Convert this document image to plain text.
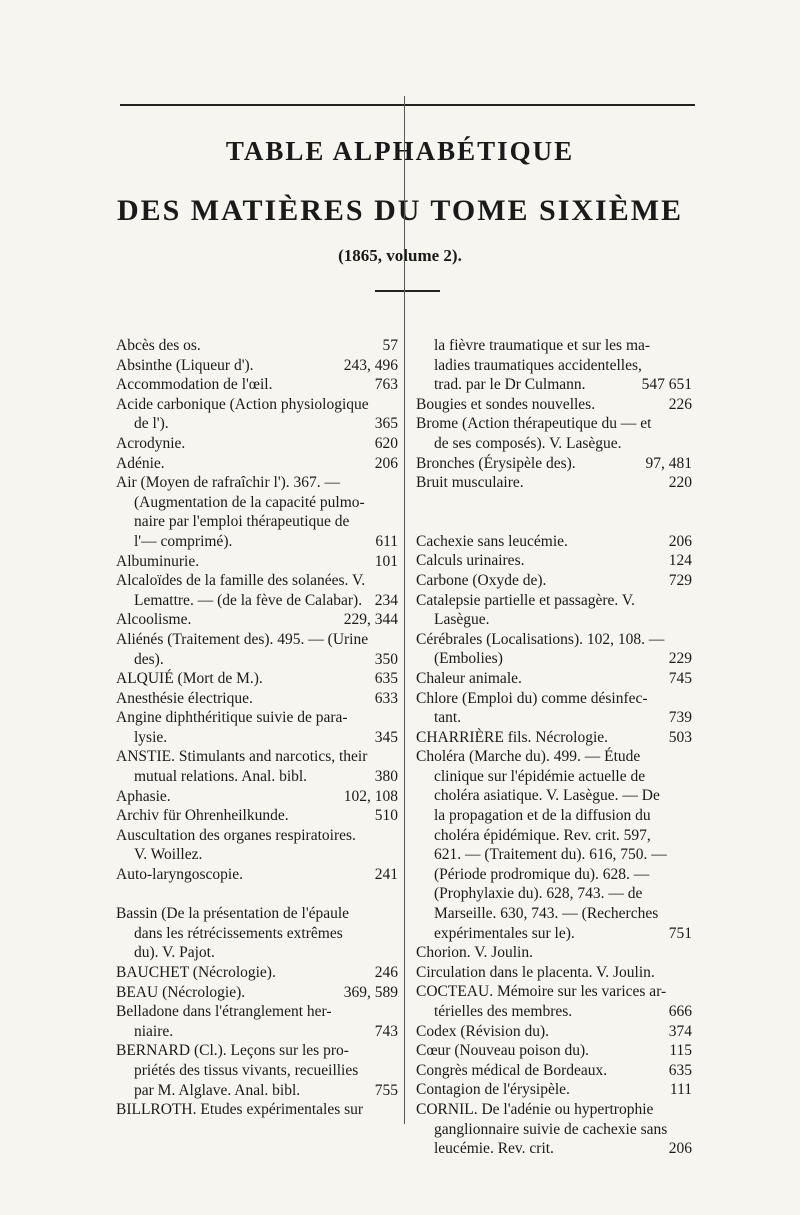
TABLE ALPHABÉTIQUE
DES MATIÈRES DU TOME SIXIÈME
(1865, volume 2).
Abcès des os.	57
Absinthe (Liqueur d').	243, 496
Accommodation de l'œil.	763
Acide carbonique (Action physiologique
de l').	365
Acrodynie.	620
Adénie.	206
Air (Moyen de rafraîchir l'). 367. —
(Augmentation de la capacité pulmo-
naire par l'emploi thérapeutique de
l'— comprimé).	611
Albuminurie.	101
Alcaloïdes de la famille des solanées. V.
Lemattre. — (de la fève de Calabar). 234
Alcoolisme.	229, 344
Aliénés (Traitement des). 495. — (Urine
des).	350
ALQUIÉ (Mort de M.).	635
Anesthésie électrique.	633
Angine diphthéritique suivie de para-
lysie.	345
ANSTIE. Stimulants and narcotics, their
mutual relations. Anal. bibl.	380
Aphasie.	102, 108
Archiv für Ohrenheilkunde.	510
Auscultation des organes respiratoires.
V. Woillez.
Auto-laryngoscopie.	241
Bassin (De la présentation de l'épaule
dans les rétrécissements extrêmes
du). V. Pajot.
BAUCHET (Nécrologie).	246
BEAU (Nécrologie).	369, 589
Belladone dans l'étranglement her-
niaire.	743
BERNARD (Cl.). Leçons sur les pro-
priétés des tissus vivants, recueillies
par M. Alglave. Anal. bibl.	755
BILLROTH. Etudes expérimentales sur
la fièvre traumatique et sur les ma-
ladies traumatiques accidentelles,
trad. par le Dr Culmann.	547 651
Bougies et sondes nouvelles.	226
Brome (Action thérapeutique du — et
de ses composés). V. Lasègue.
Bronches (Érysipèle des).	97, 481
Bruit musculaire.	220
Cachexie sans leucémie.	206
Calculs urinaires.	124
Carbone (Oxyde de).	729
Catalepsie partielle et passagère. V.
Lasègue.
Cérébrales (Localisations). 102, 108. —
(Embolies)	229
Chaleur animale.	745
Chlore (Emploi du) comme désinfec-
tant.	739
CHARRIÈRE fils. Nécrologie.	503
Choléra (Marche du). 499. — Étude
clinique sur l'épidémie actuelle de
choléra asiatique. V. Lasègue. — De
la propagation et de la diffusion du
choléra épidémique. Rev. crit. 597,
621. — (Traitement du). 616, 750. —
(Période prodromique du). 628. —
(Prophylaxie du). 628, 743. — de
Marseille. 630, 743. — (Recherches
expérimentales sur le).	751
Chorion. V. Joulin.
Circulation dans le placenta. V. Joulin.
COCTEAU. Mémoire sur les varices ar-
térielles des membres.	666
Codex (Révision du).	374
Cœur (Nouveau poison du).	115
Congrès médical de Bordeaux.	635
Contagion de l'érysipèle.	111
CORNIL. De l'adénie ou hypertrophie
ganglionnaire suivie de cachexie sans
leucémie. Rev. crit.	206
